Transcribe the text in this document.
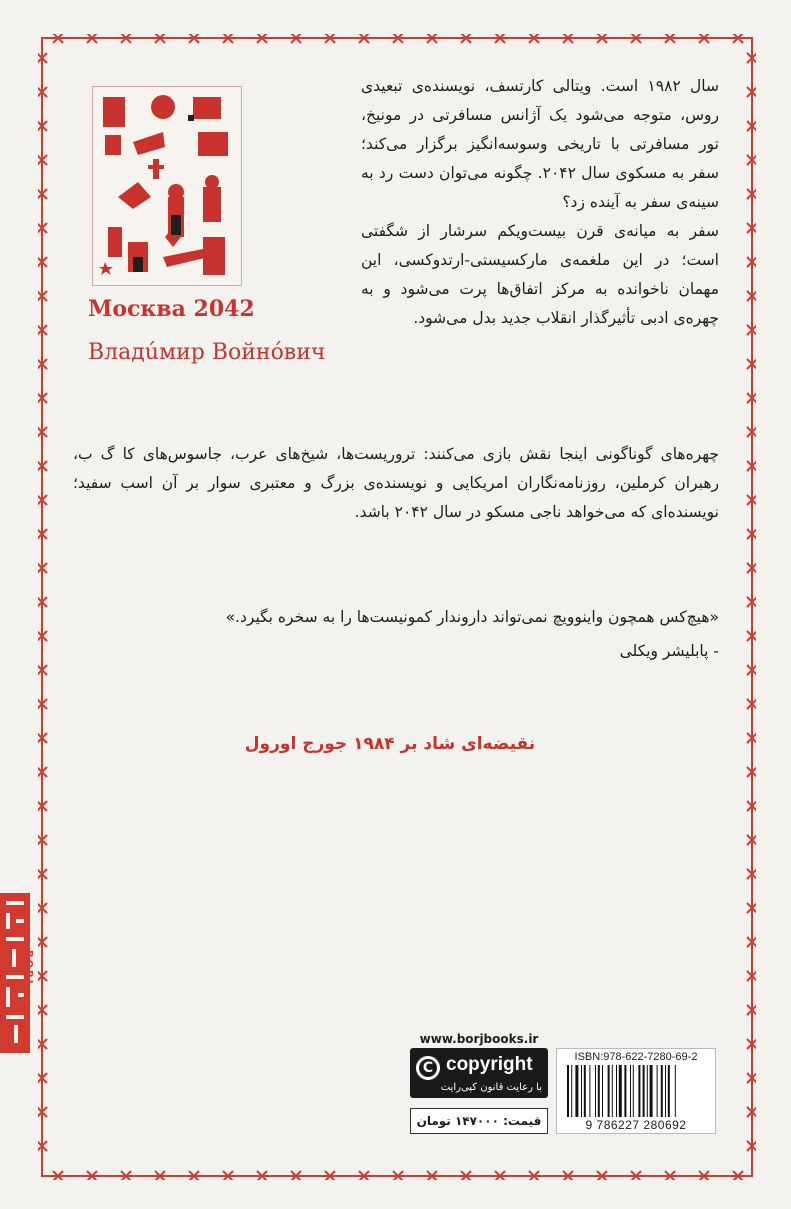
Москва 2042
Владúмир Войнóвич

سال ۱۹۸۲ است. ویتالی کارتسف، نویسنده‌ی تبعیدی روس، متوجه می‌شود یک آژانس مسافرتی در مونیخ، تور مسافرتی با تاریخی وسوسه‌انگیز برگزار می‌کند؛ سفر به مسکوی سال ۲۰۴۲. چگونه می‌توان دست رد به سینه‌ی سفر به آینده زد؟

سفر به میانه‌ی قرن بیست‌ویکم سرشار از شگفتی است؛ در این ملغمه‌ی مارکسیستی-ارتدوکسی، این مهمان ناخوانده به مرکز اتفاق‌ها پرت می‌شود و به چهره‌ی ادبی تأثیرگذار انقلاب جدید بدل می‌شود.

چهره‌های گوناگونی اینجا نقش بازی می‌کنند: تروریست‌ها، شیخ‌های عرب، جاسوس‌های کا گ ب، رهبران کرملین، روزنامه‌نگاران امریکایی و نویسنده‌ی بزرگ و معتبری سوار بر آن اسب سفید؛ نویسنده‌ای که می‌خواهد ناجی مسکو در سال ۲۰۴۲ باشد.
«هیچ‌کس همچون واینوویچ نمی‌تواند داروندار کمونیست‌ها را به سخره بگیرد.»
- پابلیشر ویکلی
نقیضه‌ای شاد بر ۱۹۸۴ جورج اورول
BORJ
www.borjbooks.ir
C copyright
با رعایت قانون کپی‌رایت
قیمت: ۱۴۷۰۰۰ تومان
ISBN:978-622-7280-69-2
9 786227 280692
